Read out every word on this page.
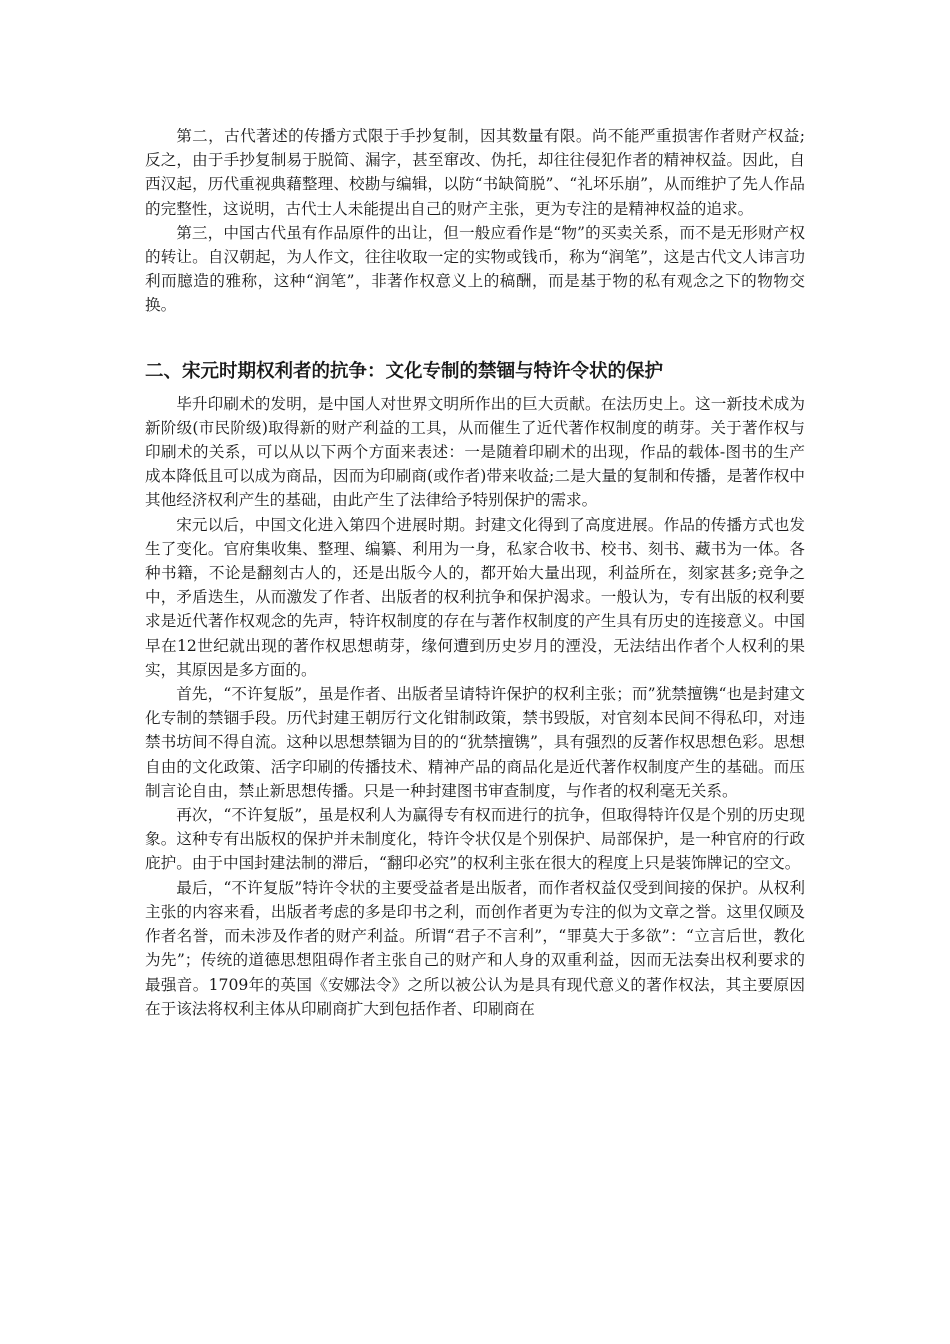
第二，古代著述的传播方式限于手抄复制，因其数量有限。尚不能严重损害作者财产权益;反之，由于手抄复制易于脱简、漏字，甚至窜改、伪托，却往往侵犯作者的精神权益。因此，自西汉起，历代重视典藉整理、校勘与编辑，以防“书缺简脱”、“礼坏乐崩”，从而维护了先人作品的完整性，这说明，古代士人未能提出自己的财产主张，更为专注的是精神权益的追求。

第三，中国古代虽有作品原件的出让，但一般应看作是“物”的买卖关系，而不是无形财产权的转让。自汉朝起，为人作文，往往收取一定的实物或钱币，称为“润笔”，这是古代文人讳言功利而臆造的雅称，这种“润笔”，非著作权意义上的稿酬，而是基于物的私有观念之下的物物交换。

二、宋元时期权利者的抗争：文化专制的禁锢与特许令状的保护

毕升印刷术的发明，是中国人对世界文明所作出的巨大贡献。在法历史上。这一新技术成为新阶级(市民阶级)取得新的财产利益的工具，从而催生了近代著作权制度的萌芽。关于著作权与印刷术的关系，可以从以下两个方面来表述：一是随着印刷术的出现，作品的载体-图书的生产成本降低且可以成为商品，因而为印刷商(或作者)带来收益;二是大量的复制和传播，是著作权中其他经济权利产生的基础，由此产生了法律给予特别保护的需求。

宋元以后，中国文化进入第四个进展时期。封建文化得到了高度进展。作品的传播方式也发生了变化。官府集收集、整理、编纂、利用为一身，私家合收书、校书、刻书、藏书为一体。各种书籍，不论是翻刻古人的，还是出版今人的，都开始大量出现，利益所在，刻家甚多;竞争之中，矛盾迭生，从而激发了作者、出版者的权利抗争和保护渴求。一般认为，专有出版的权利要求是近代著作权观念的先声，特许权制度的存在与著作权制度的产生具有历史的连接意义。中国早在12世纪就出现的著作权思想萌芽，缘何遭到历史岁月的湮没，无法结出作者个人权利的果实，其原因是多方面的。

首先，“不许复版”，虽是作者、出版者呈请特许保护的权利主张；而”犹禁擅镌“也是封建文化专制的禁锢手段。历代封建王朝厉行文化钳制政策，禁书毁版，对官刻本民间不得私印，对违禁书坊间不得自流。这种以思想禁锢为目的的“犹禁擅镌”，具有强烈的反著作权思想色彩。思想自由的文化政策、活字印刷的传播技术、精神产品的商品化是近代著作权制度产生的基础。而压制言论自由，禁止新思想传播。只是一种封建图书审查制度，与作者的权利毫无关系。

再次，“不许复版”，虽是权利人为赢得专有权而进行的抗争，但取得特许仅是个别的历史现象。这种专有出版权的保护并未制度化，特许令状仅是个别保护、局部保护，是一种官府的行政庇护。由于中国封建法制的滞后，“翻印必究”的权利主张在很大的程度上只是装饰牌记的空文。

最后，“不许复版”特许令状的主要受益者是出版者，而作者权益仅受到间接的保护。从权利主张的内容来看，出版者考虑的多是印书之利，而创作者更为专注的似为文章之誉。这里仅顾及作者名誉，而未涉及作者的财产利益。所谓“君子不言利”，“罪莫大于多欲”：“立言后世，教化为先”；传统的道德思想阻碍作者主张自己的财产和人身的双重利益，因而无法奏出权利要求的最强音。1709年的英国《安娜法令》之所以被公认为是具有现代意义的著作权法，其主要原因在于该法将权利主体从印刷商扩大到包括作者、印刷商在
